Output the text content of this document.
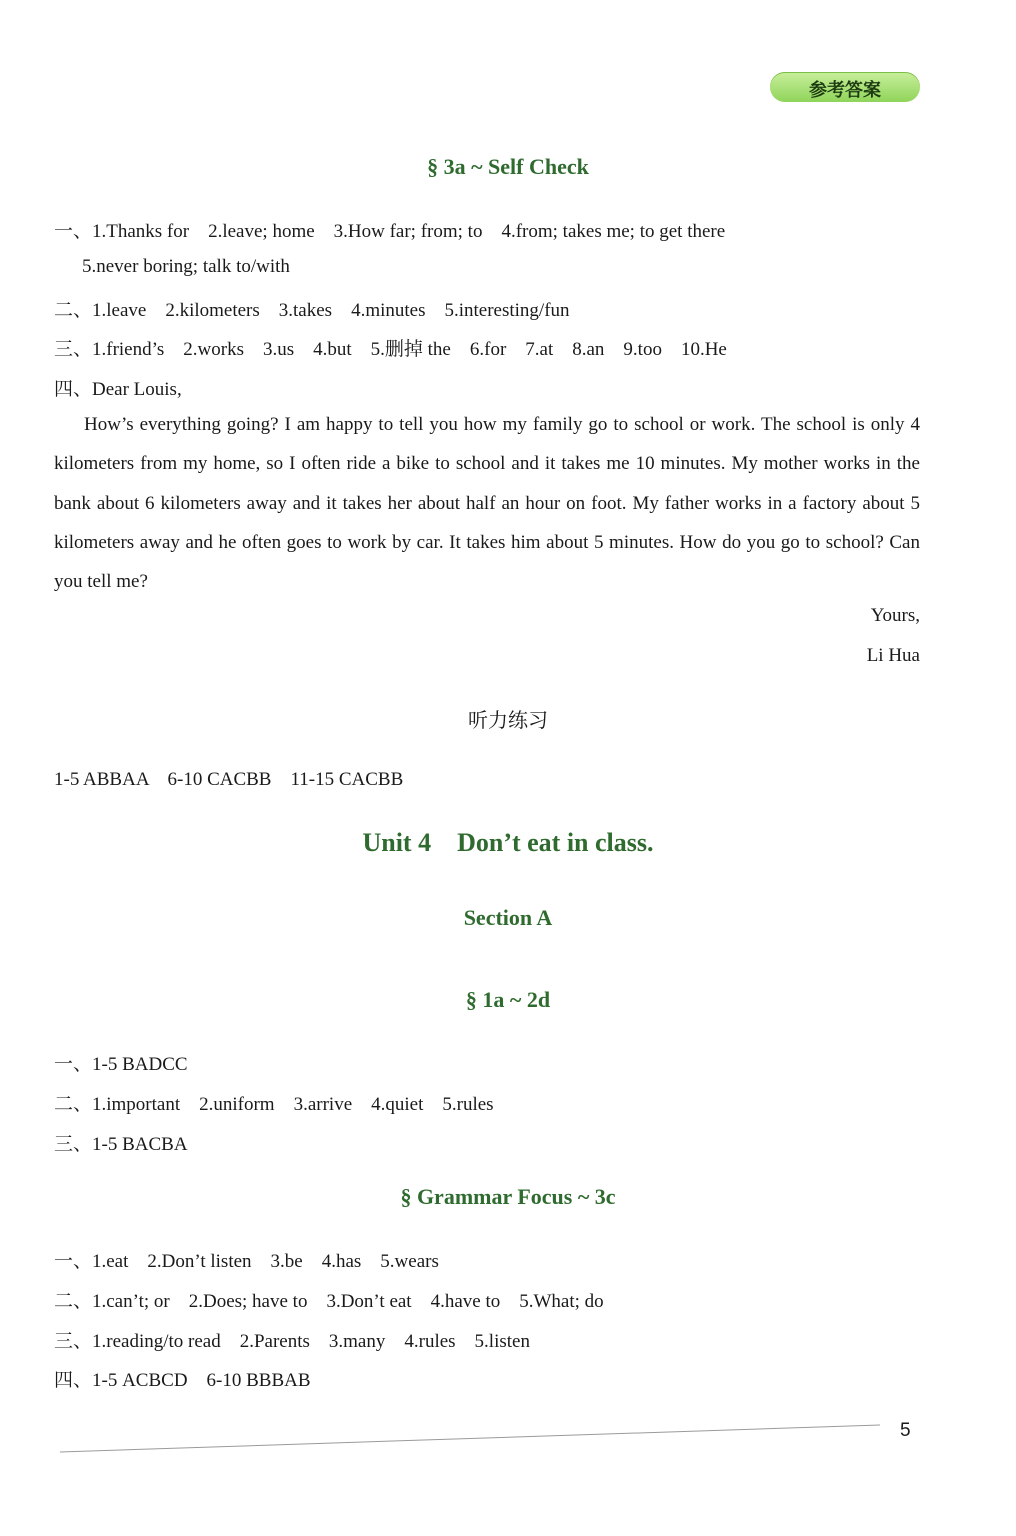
参考答案
§ 3a ~ Self Check
一、1.Thanks for　2.leave; home　3.How far; from; to　4.from; takes me; to get there
5.never boring; talk to/with
二、1.leave　2.kilometers　3.takes　4.minutes　5.interesting/fun
三、1.friend’s　2.works　3.us　4.but　5.删掉 the　6.for　7.at　8.an　9.too　10.He
四、Dear Louis,
How’s everything going? I am happy to tell you how my family go to school or work. The school is only 4 kilometers from my home, so I often ride a bike to school and it takes me 10 minutes. My mother works in the bank about 6 kilometers away and it takes her about half an hour on foot. My father works in a factory about 5 kilometers away and he often goes to work by car. It takes him about 5 minutes. How do you go to school? Can you tell me?
Yours,
Li Hua
听力练习
1-5 ABBAA　6-10 CACBB　11-15 CACBB
Unit 4　Don’t eat in class.
Section A
§ 1a ~ 2d
一、1-5 BADCC
二、1.important　2.uniform　3.arrive　4.quiet　5.rules
三、1-5 BACBA
§ Grammar Focus ~ 3c
一、1.eat　2.Don’t listen　3.be　4.has　5.wears
二、1.can’t; or　2.Does; have to　3.Don’t eat　4.have to　5.What; do
三、1.reading/to read　2.Parents　3.many　4.rules　5.listen
四、1-5 ACBCD　6-10 BBBAB
5
